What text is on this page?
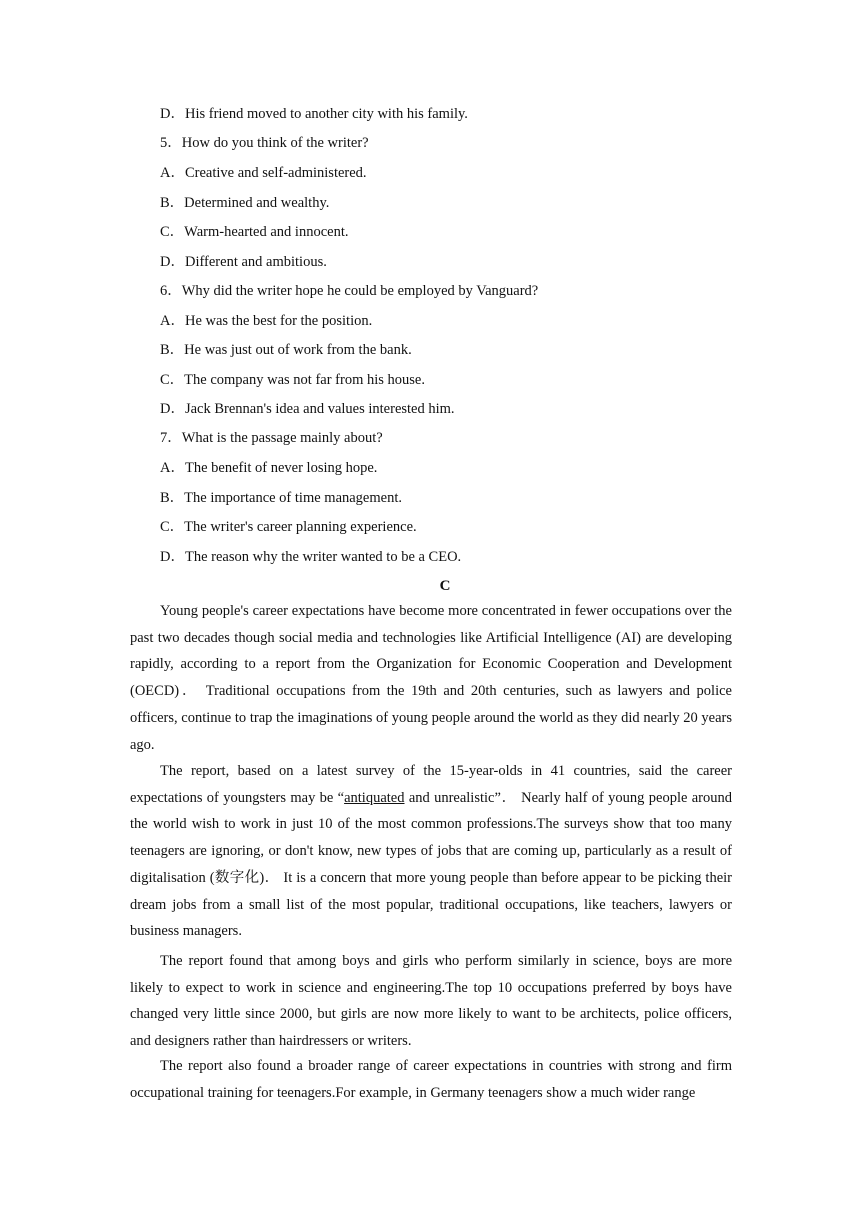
D．His friend moved to another city with his family.
5．How do you think of the writer?
A．Creative and self-administered.
B．Determined and wealthy.
C．Warm-hearted and innocent.
D．Different and ambitious.
6．Why did the writer hope he could be employed by Vanguard?
A．He was the best for the position.
B．He was just out of work from the bank.
C．The company was not far from his house.
D．Jack Brennan's idea and values interested him.
7．What is the passage mainly about?
A．The benefit of never losing hope.
B．The importance of time management.
C．The writer's career planning experience.
D．The reason why the writer wanted to be a CEO.
C

Young people's career expectations have become more concentrated in fewer occupations over the past two decades though social media and technologies like Artificial Intelligence (AI) are developing rapidly, according to a report from the Organization for Economic Cooperation and Development (OECD)． Traditional occupations from the 19th and 20th centuries, such as lawyers and police officers, continue to trap the imaginations of young people around the world as they did nearly 20 years ago.

The report, based on a latest survey of the 15-year-olds in 41 countries, said the career expectations of youngsters may be “antiquated and unrealistic”． Nearly half of young people around the world wish to work in just 10 of the most common professions.The surveys show that too many teenagers are ignoring, or don't know, new types of jobs that are coming up, particularly as a result of digitalisation (数字化)． It is a concern that more young people than before appear to be picking their dream jobs from a small list of the most popular, traditional occupations, like teachers, lawyers or business managers.

The report found that among boys and girls who perform similarly in science, boys are more likely to expect to work in science and engineering.The top 10 occupations preferred by boys have changed very little since 2000, but girls are now more likely to want to be architects, police officers, and designers rather than hairdressers or writers.

The report also found a broader range of career expectations in countries with strong and firm occupational training for teenagers.For example, in Germany teenagers show a much wider range
